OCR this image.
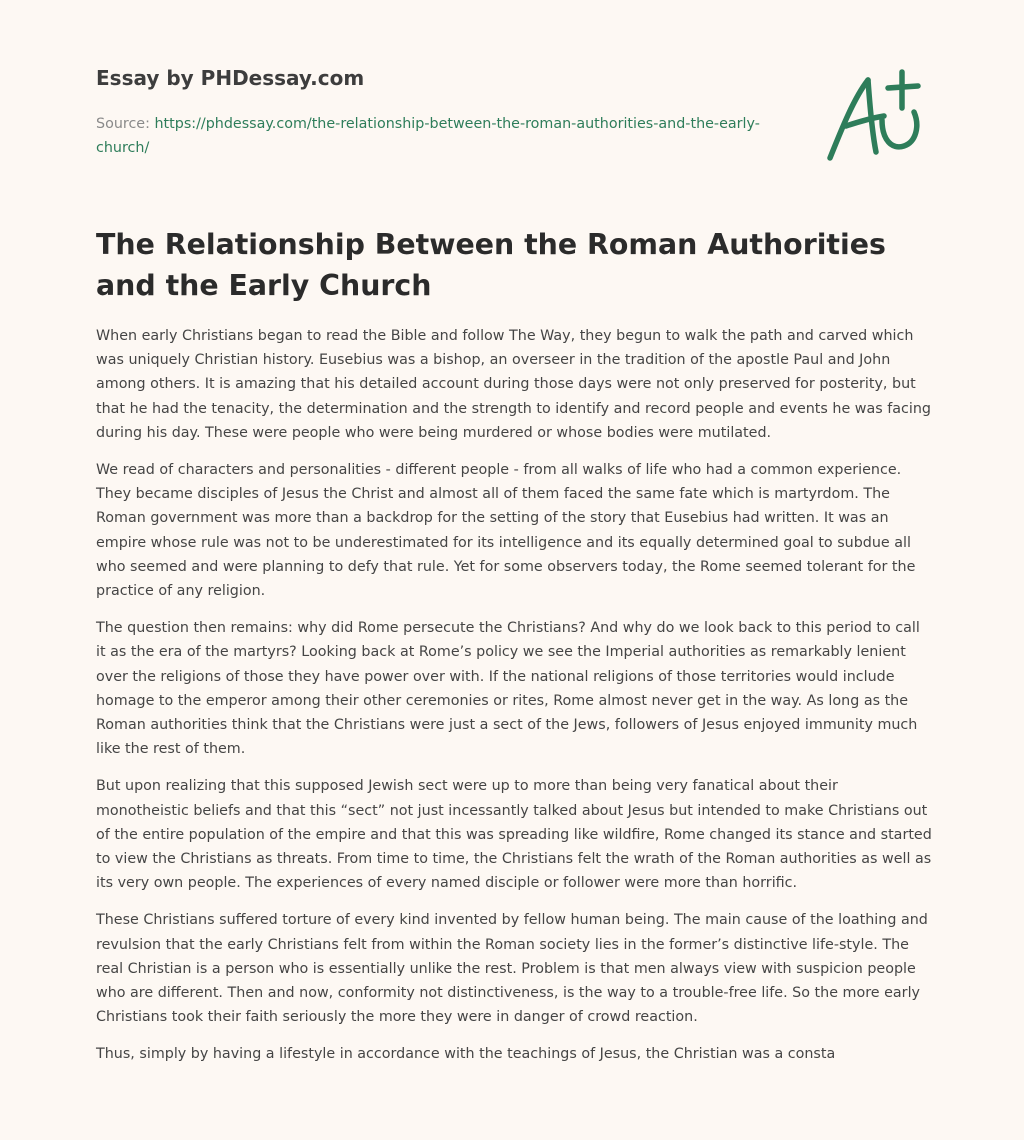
Essay by PHDessay.com
Source: https://phdessay.com/the-relationship-between-the-roman-authorities-and-the-early-church/
The Relationship Between the Roman Authorities and the Early Church

When early Christians began to read the Bible and follow The Way, they begun to walk the path and carved which was uniquely Christian history. Eusebius was a bishop, an overseer in the tradition of the apostle Paul and John among others. It is amazing that his detailed account during those days were not only preserved for posterity, but that he had the tenacity, the determination and the strength to identify and record people and events he was facing during his day. These were people who were being murdered or whose bodies were mutilated.

We read of characters and personalities - different people - from all walks of life who had a common experience. They became disciples of Jesus the Christ and almost all of them faced the same fate which is martyrdom. The Roman government was more than a backdrop for the setting of the story that Eusebius had written. It was an empire whose rule was not to be underestimated for its intelligence and its equally determined goal to subdue all who seemed and were planning to defy that rule. Yet for some observers today, the Rome seemed tolerant for the practice of any religion.

The question then remains: why did Rome persecute the Christians? And why do we look back to this period to call it as the era of the martyrs? Looking back at Rome’s policy we see the Imperial authorities as remarkably lenient over the religions of those they have power over with. If the national religions of those territories would include homage to the emperor among their other ceremonies or rites, Rome almost never get in the way. As long as the Roman authorities think that the Christians were just a sect of the Jews, followers of Jesus enjoyed immunity much like the rest of them.

But upon realizing that this supposed Jewish sect were up to more than being very fanatical about their monotheistic beliefs and that this “sect” not just incessantly talked about Jesus but intended to make Christians out of the entire population of the empire and that this was spreading like wildfire, Rome changed its stance and started to view the Christians as threats. From time to time, the Christians felt the wrath of the Roman authorities as well as its very own people. The experiences of every named disciple or follower were more than horrific.

These Christians suffered torture of every kind invented by fellow human being. The main cause of the loathing and revulsion that the early Christians felt from within the Roman society lies in the former’s distinctive life-style. The real Christian is a person who is essentially unlike the rest. Problem is that men always view with suspicion people who are different. Then and now, conformity not distinctiveness, is the way to a trouble-free life. So the more early Christians took their faith seriously the more they were in danger of crowd reaction.

Thus, simply by having a lifestyle in accordance with the teachings of Jesus, the Christian was a consta
